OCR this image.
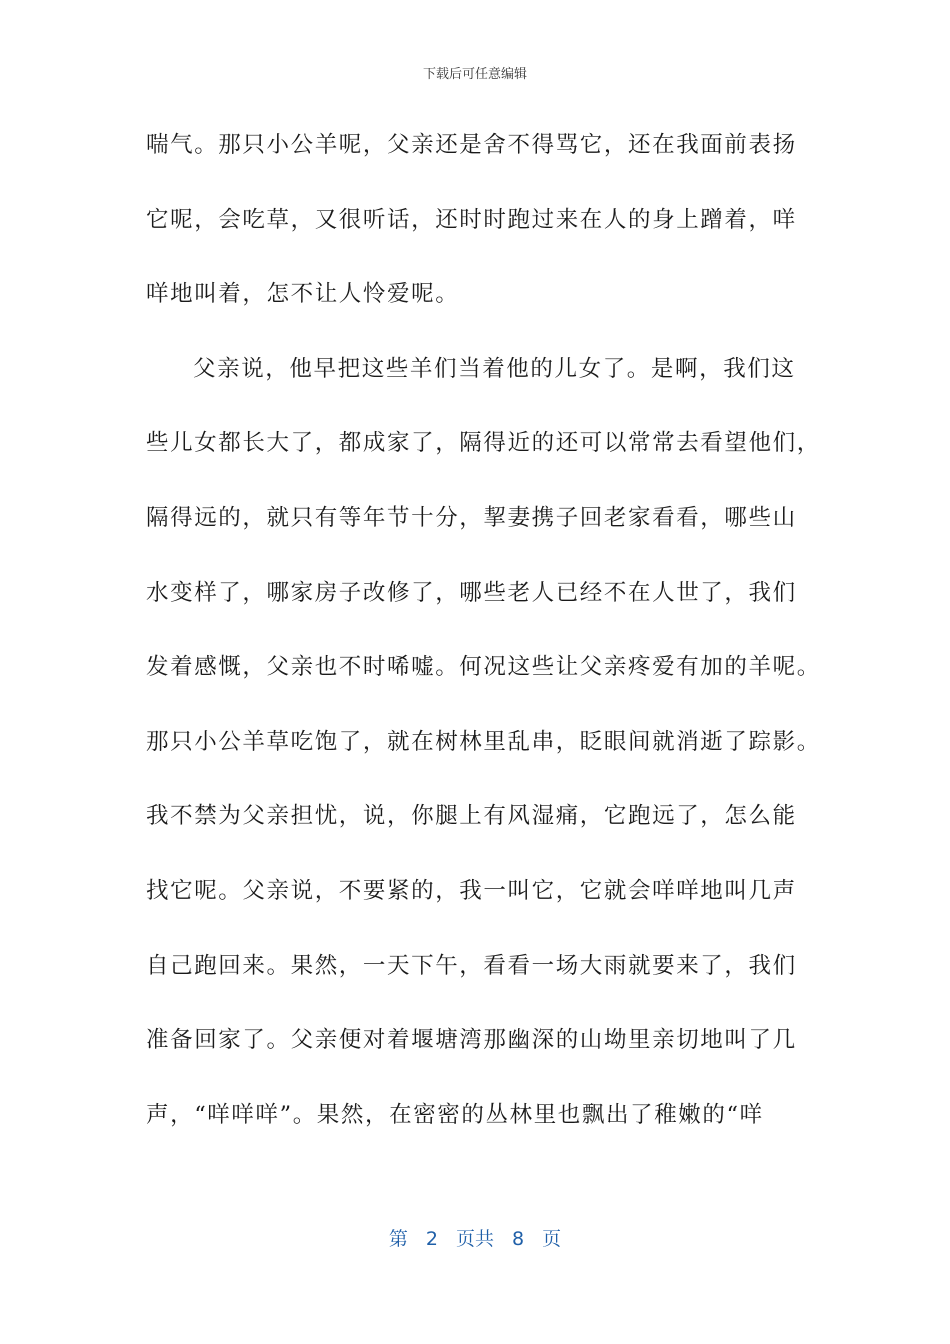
下载后可任意编辑
喘气。那只小公羊呢，父亲还是舍不得骂它，还在我面前表扬
它呢，会吃草，又很听话，还时时跑过来在人的身上蹭着，咩
咩地叫着，怎不让人怜爱呢。
父亲说，他早把这些羊们当着他的儿女了。是啊，我们这
些儿女都长大了，都成家了，隔得近的还可以常常去看望他们，
隔得远的，就只有等年节十分，挈妻携子回老家看看，哪些山
水变样了，哪家房子改修了，哪些老人已经不在人世了，我们
发着感慨，父亲也不时唏嘘。何况这些让父亲疼爱有加的羊呢。
那只小公羊草吃饱了，就在树林里乱串，眨眼间就消逝了踪影。
我不禁为父亲担忧，说，你腿上有风湿痛，它跑远了，怎么能
找它呢。父亲说，不要紧的，我一叫它，它就会咩咩地叫几声
自己跑回来。果然，一天下午，看看一场大雨就要来了，我们
准备回家了。父亲便对着堰塘湾那幽深的山坳里亲切地叫了几
声，“咩咩咩”。果然，在密密的丛林里也飘出了稚嫩的“咩
第 2 页共 8 页
